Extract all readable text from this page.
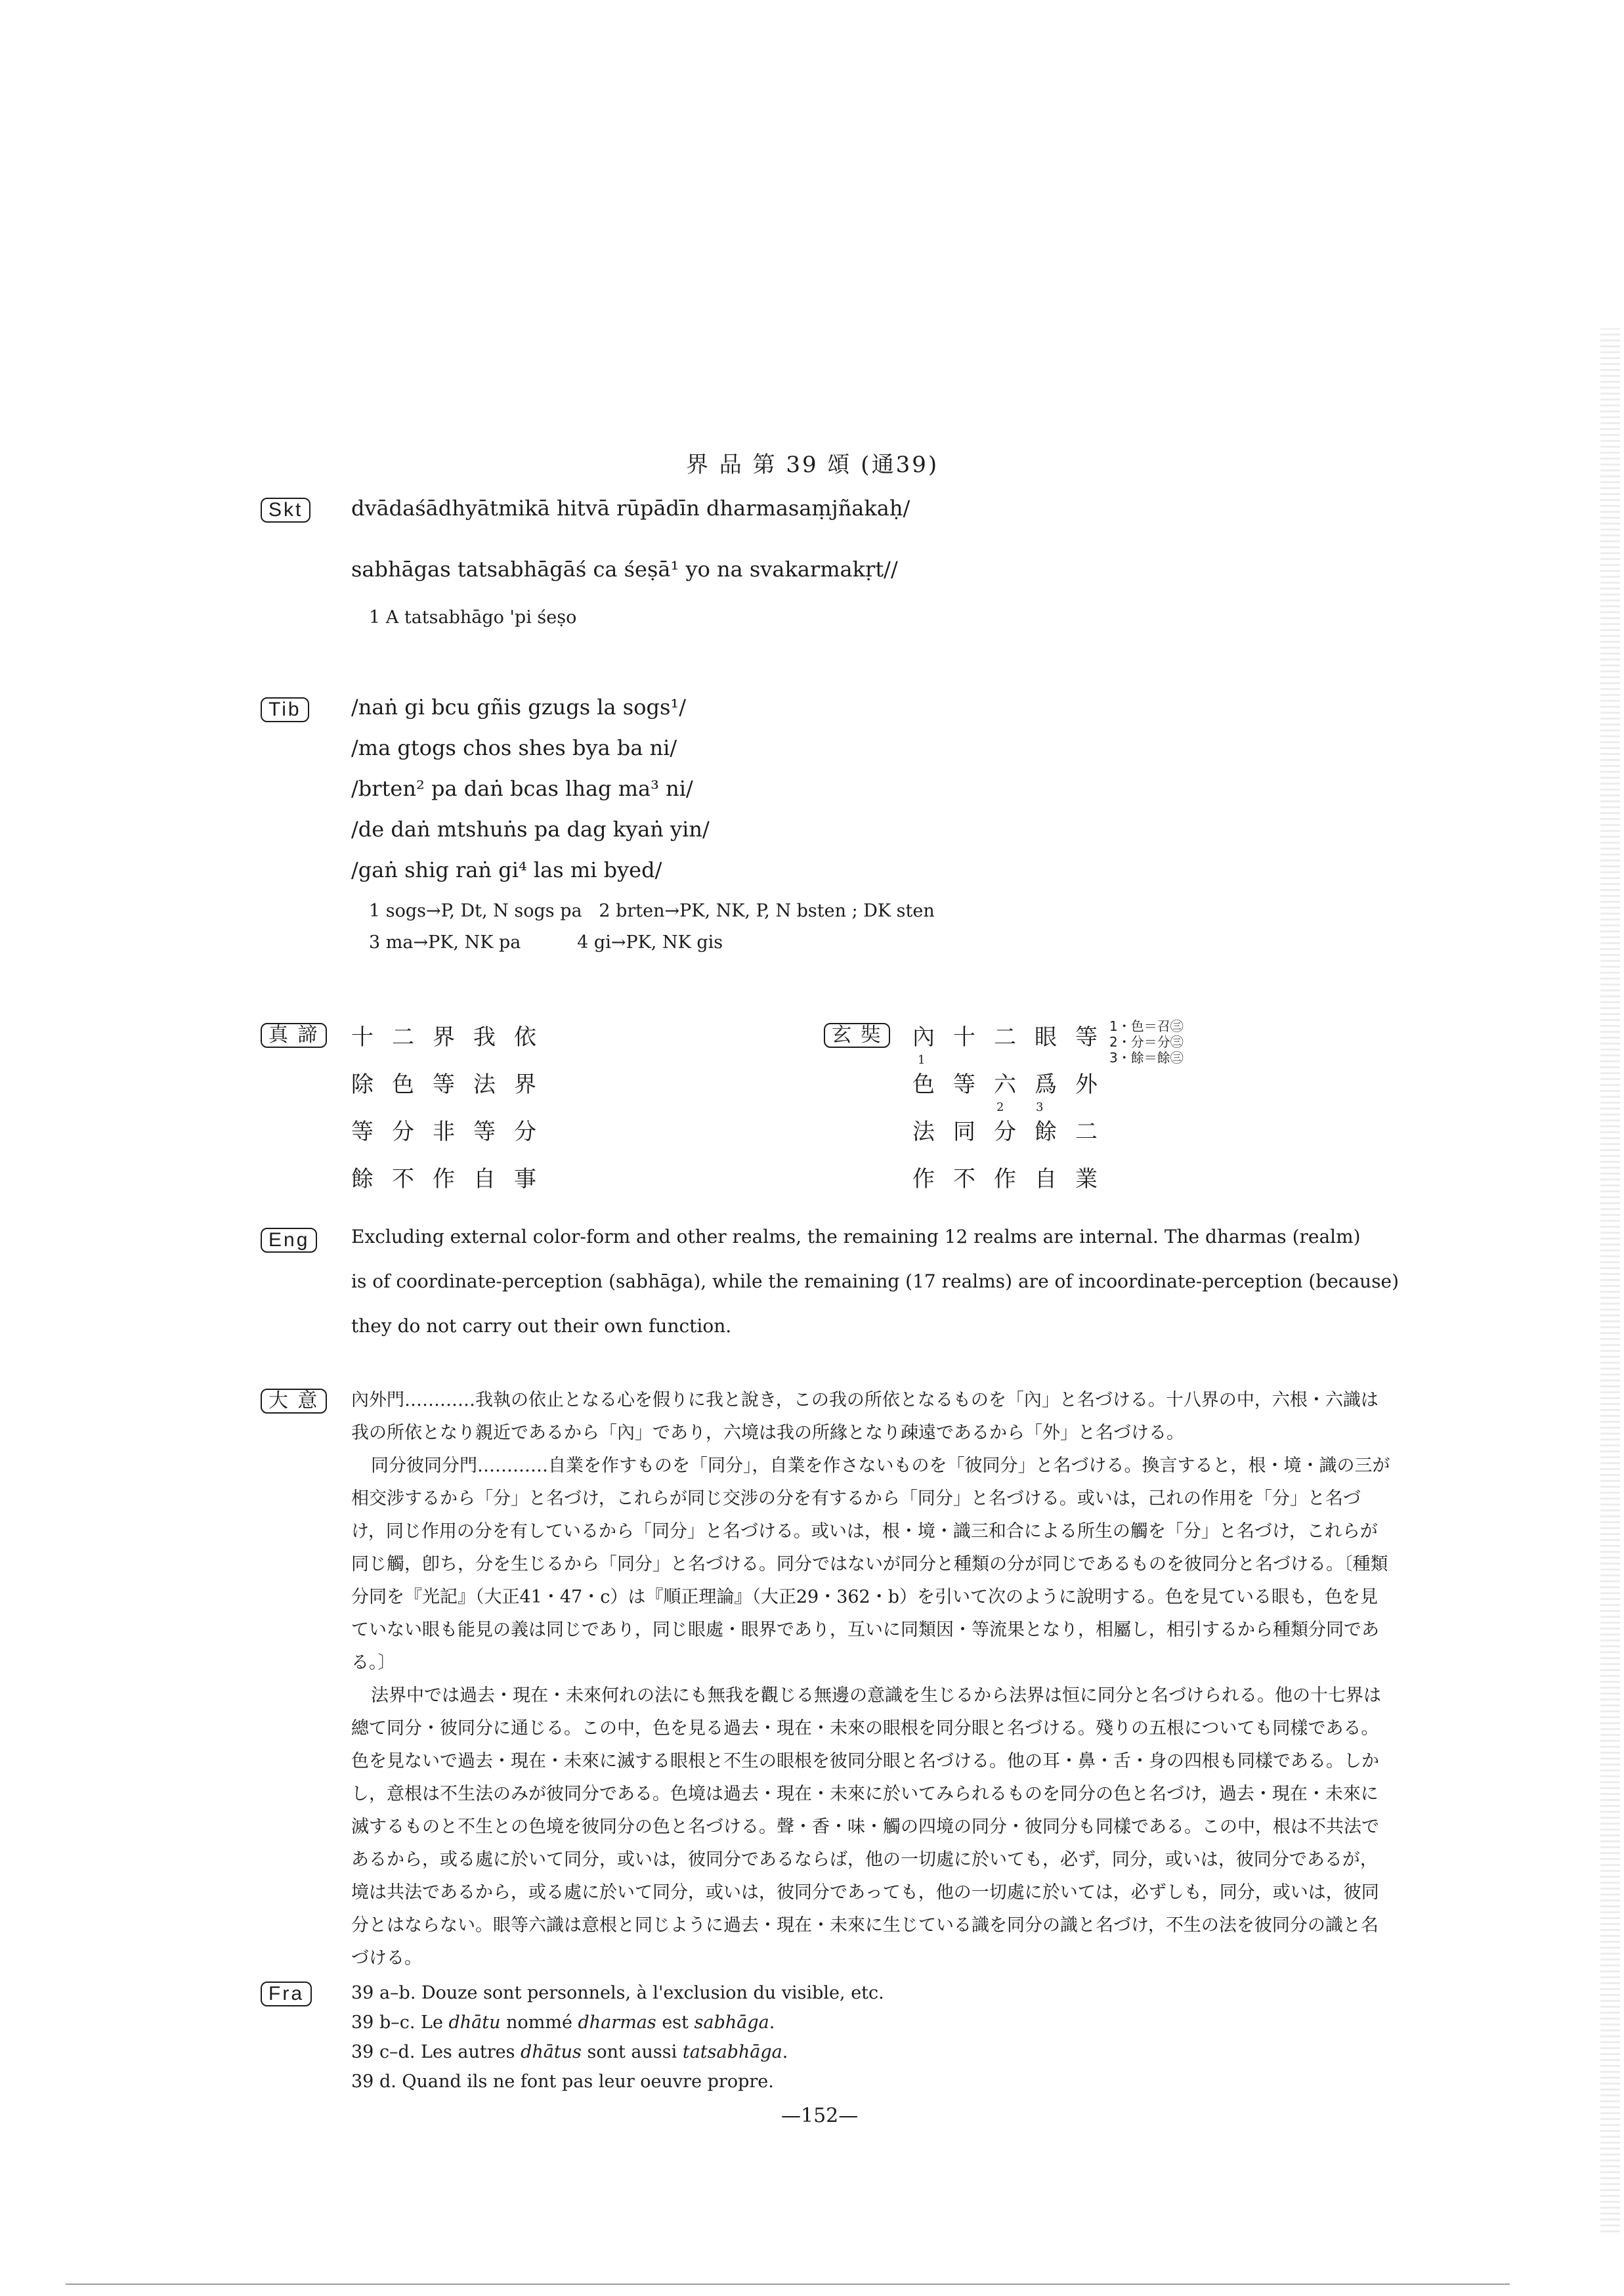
界 品 第 39 頌 (通39)
Skt	dvādaśādhyātmikā hitvā rūpādīn dharmasaṃjñakaḥ/
sabhāgas tatsabhāgāś ca śeṣā¹ yo na svakarmakṛt//
1 A tatsabhāgo 'pi śeṣo
Tib	/naṅ gi bcu gñis gzugs la sogs¹/
/ma gtogs chos shes bya ba ni/
/brten² pa daṅ bcas lhag ma³ ni/
/de daṅ mtshuṅs pa dag kyaṅ yin/
/gaṅ shig raṅ gi⁴ las mi byed/
1 sogs→P, Dt, N sogs pa   2 brten→PK, NK, P, N bsten ; DK sten
3 ma→PK, NK pa          4 gi→PK, NK gis
真 諦	十二界我依
除色等法界
等分非等分
餘不作自事
玄 奘	內十二眼等
色等六爲外
法同分餘二
作不作自業
1
2	3
1・色＝召㊂
2・分＝分㊂
3・餘＝餘㊂
Eng	Excluding external color-form and other realms, the remaining 12 realms are internal. The dharmas (realm)
is of coordinate-perception (sabhāga), while the remaining (17 realms) are of incoordinate-perception (because)
they do not carry out their own function.
大 意	內外門…………我執の依止となる心を假りに我と說き，この我の所依となるものを「內」と名づける。十八界の中，六根・六識は我の所依となり親近であるから「內」であり，六境は我の所緣となり疎遠であるから「外」と名づける。

同分彼同分門…………自業を作すものを「同分」，自業を作さないものを「彼同分」と名づける。換言すると，根・境・識の三が相交涉するから「分」と名づけ，これらが同じ交涉の分を有するから「同分」と名づける。或いは，己れの作用を「分」と名づけ，同じ作用の分を有しているから「同分」と名づける。或いは，根・境・識三和合による所生の觸を「分」と名づけ，これらが同じ觸，卽ち，分を生じるから「同分」と名づける。同分ではないが同分と種類の分が同じであるものを彼同分と名づける。〔種類分同を『光記』（大正41・47・c）は『順正理論』（大正29・362・b）を引いて次のように說明する。色を見ている眼も，色を見ていない眼も能見の義は同じであり，同じ眼處・眼界であり，互いに同類因・等流果となり，相屬し，相引するから種類分同である。〕

法界中では過去・現在・未來何れの法にも無我を觀じる無邊の意識を生じるから法界は恒に同分と名づけられる。他の十七界は總て同分・彼同分に通じる。この中，色を見る過去・現在・未來の眼根を同分眼と名づける。殘りの五根についても同樣である。色を見ないで過去・現在・未來に滅する眼根と不生の眼根を彼同分眼と名づける。他の耳・鼻・舌・身の四根も同樣である。しかし，意根は不生法のみが彼同分である。色境は過去・現在・未來に於いてみられるものを同分の色と名づけ，過去・現在・未來に滅するものと不生との色境を彼同分の色と名づける。聲・香・味・觸の四境の同分・彼同分も同樣である。この中，根は不共法であるから，或る處に於いて同分，或いは，彼同分であるならば，他の一切處に於いても，必ず，同分，或いは，彼同分であるが，境は共法であるから，或る處に於いて同分，或いは，彼同分であっても，他の一切處に於いては，必ずしも，同分，或いは，彼同分とはならない。眼等六識は意根と同じように過去・現在・未來に生じている識を同分の識と名づけ，不生の法を彼同分の識と名づける。

Fra	39 a–b. Douze sont personnels, à l'exclusion du visible, etc.
39 b–c. Le dhātu nommé dharmas est sabhāga.
39 c–d. Les autres dhātus sont aussi tatsabhāga.
39 d. Quand ils ne font pas leur oeuvre propre.
—152—
